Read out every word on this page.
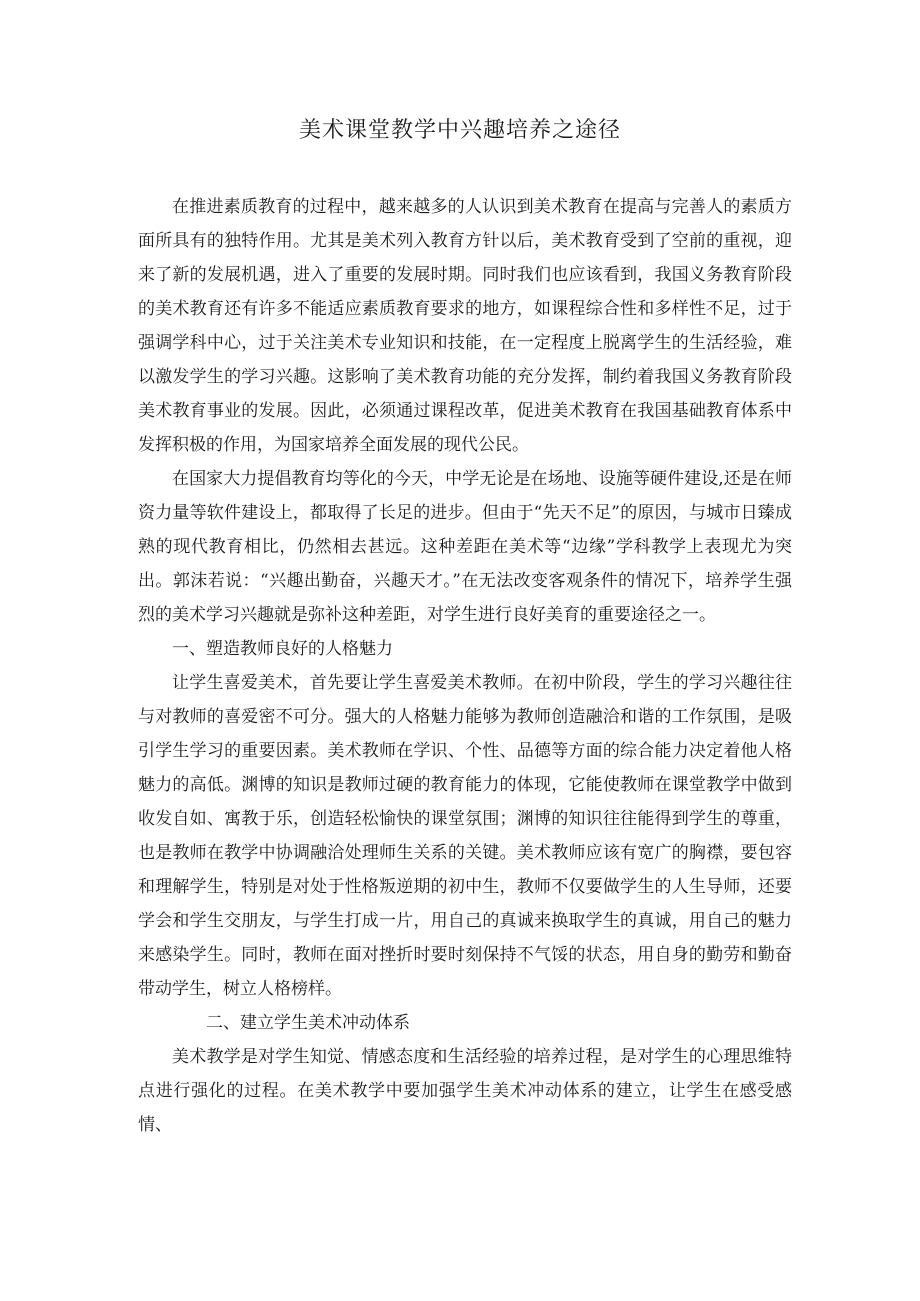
美术课堂教学中兴趣培养之途径

在推进素质教育的过程中，越来越多的人认识到美术教育在提高与完善人的素质方面所具有的独特作用。尤其是美术列入教育方针以后，美术教育受到了空前的重视，迎来了新的发展机遇，进入了重要的发展时期。同时我们也应该看到，我国义务教育阶段的美术教育还有许多不能适应素质教育要求的地方，如课程综合性和多样性不足，过于强调学科中心，过于关注美术专业知识和技能，在一定程度上脱离学生的生活经验，难以激发学生的学习兴趣。这影响了美术教育功能的充分发挥，制约着我国义务教育阶段美术教育事业的发展。因此，必须通过课程改革，促进美术教育在我国基础教育体系中发挥积极的作用，为国家培养全面发展的现代公民。

在国家大力提倡教育均等化的今天，中学无论是在场地、设施等硬件建设,还是在师资力量等软件建设上，都取得了长足的进步。但由于“先天不足”的原因，与城市日臻成熟的现代教育相比，仍然相去甚远。这种差距在美术等“边缘”学科教学上表现尤为突出。郭沫若说：“兴趣出勤奋，兴趣天才。”在无法改变客观条件的情况下，培养学生强烈的美术学习兴趣就是弥补这种差距，对学生进行良好美育的重要途径之一。

一、塑造教师良好的人格魅力

让学生喜爱美术，首先要让学生喜爱美术教师。在初中阶段，学生的学习兴趣往往与对教师的喜爱密不可分。强大的人格魅力能够为教师创造融洽和谐的工作氛围，是吸引学生学习的重要因素。美术教师在学识、个性、品德等方面的综合能力决定着他人格魅力的高低。渊博的知识是教师过硬的教育能力的体现，它能使教师在课堂教学中做到收发自如、寓教于乐，创造轻松愉快的课堂氛围；渊博的知识往往能得到学生的尊重，也是教师在教学中协调融洽处理师生关系的关键。美术教师应该有宽广的胸襟，要包容和理解学生，特别是对处于性格叛逆期的初中生，教师不仅要做学生的人生导师，还要学会和学生交朋友，与学生打成一片，用自己的真诚来换取学生的真诚，用自己的魅力来感染学生。同时，教师在面对挫折时要时刻保持不气馁的状态，用自身的勤劳和勤奋带动学生，树立人格榜样。

二、建立学生美术冲动体系

美术教学是对学生知觉、情感态度和生活经验的培养过程，是对学生的心理思维特点进行强化的过程。在美术教学中要加强学生美术冲动体系的建立，让学生在感受感情、
